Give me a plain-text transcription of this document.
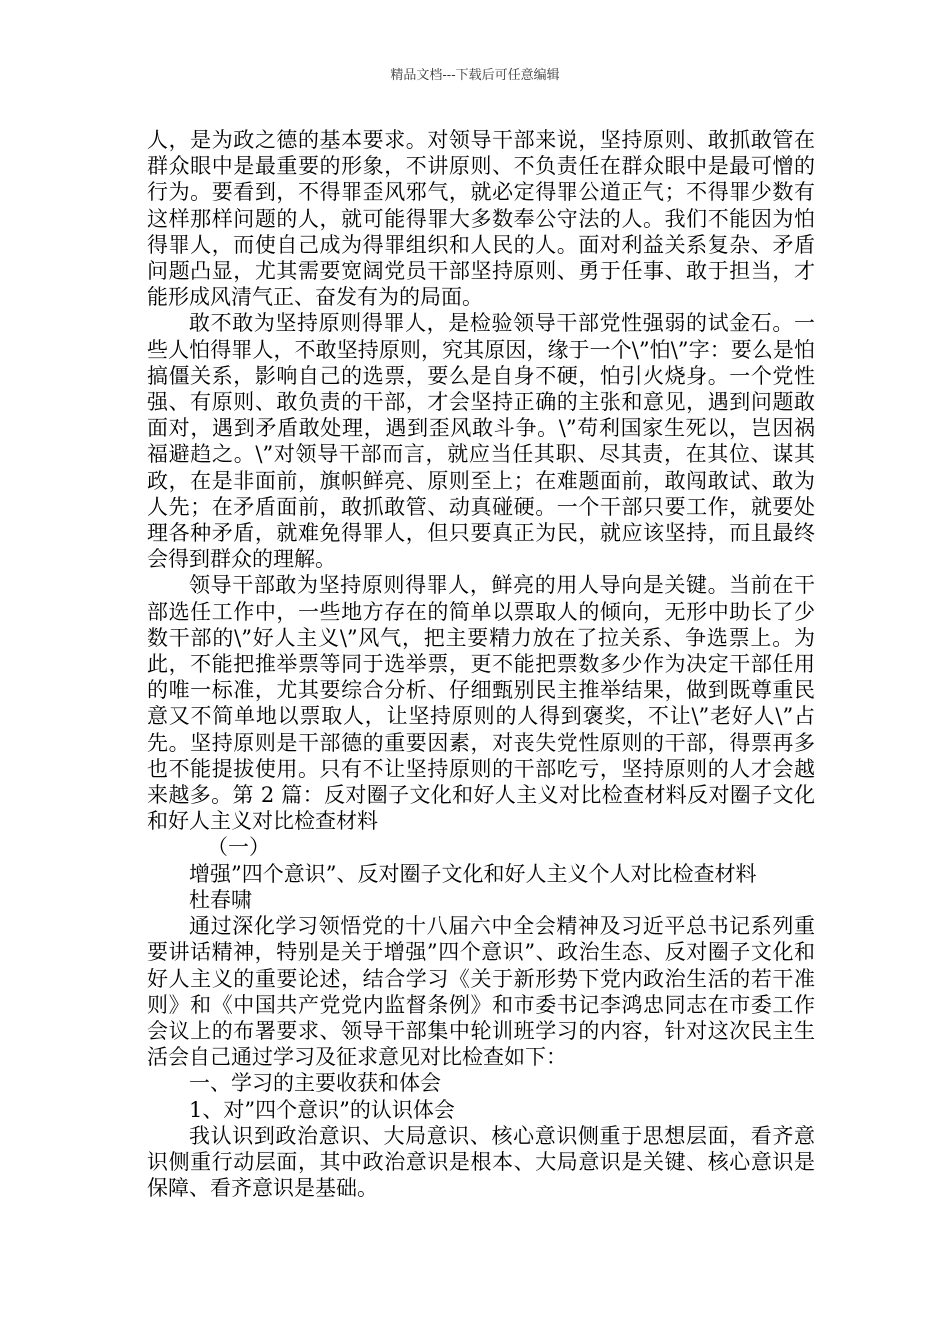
精品文档---下载后可任意编辑

人，是为政之德的基本要求。对领导干部来说，坚持原则、敢抓敢管在群众眼中是最重要的形象，不讲原则、不负责任在群众眼中是最可憎的行为。要看到，不得罪歪风邪气，就必定得罪公道正气；不得罪少数有这样那样问题的人，就可能得罪大多数奉公守法的人。我们不能因为怕得罪人，而使自己成为得罪组织和人民的人。面对利益关系复杂、矛盾问题凸显，尤其需要宽阔党员干部坚持原则、勇于任事、敢于担当，才能形成风清气正、奋发有为的局面。

敢不敢为坚持原则得罪人，是检验领导干部党性强弱的试金石。一些人怕得罪人，不敢坚持原则，究其原因，缘于一个\”怕\”字：要么是怕搞僵关系，影响自己的选票，要么是自身不硬，怕引火烧身。一个党性强、有原则、敢负责的干部，才会坚持正确的主张和意见，遇到问题敢面对，遇到矛盾敢处理，遇到歪风敢斗争。\”苟利国家生死以，岂因祸福避趋之。\”对领导干部而言，就应当任其职、尽其责，在其位、谋其政，在是非面前，旗帜鲜亮、原则至上；在难题面前，敢闯敢试、敢为人先；在矛盾面前，敢抓敢管、动真碰硬。一个干部只要工作，就要处理各种矛盾，就难免得罪人，但只要真正为民，就应该坚持，而且最终会得到群众的理解。

领导干部敢为坚持原则得罪人，鲜亮的用人导向是关键。当前在干部选任工作中，一些地方存在的简单以票取人的倾向，无形中助长了少数干部的\”好人主义\”风气，把主要精力放在了拉关系、争选票上。为此，不能把推举票等同于选举票，更不能把票数多少作为决定干部任用的唯一标准，尤其要综合分析、仔细甄别民主推举结果，做到既尊重民意又不简单地以票取人，让坚持原则的人得到褒奖，不让\”老好人\”占先。坚持原则是干部德的重要因素，对丧失党性原则的干部，得票再多也不能提拔使用。只有不让坚持原则的干部吃亏，坚持原则的人才会越来越多。第 2 篇：反对圈子文化和好人主义对比检查材料反对圈子文化和好人主义对比检查材料

（一）

增强”四个意识”、反对圈子文化和好人主义个人对比检查材料

杜春啸

通过深化学习领悟党的十八届六中全会精神及习近平总书记系列重要讲话精神，特别是关于增强”四个意识”、政治生态、反对圈子文化和好人主义的重要论述，结合学习《关于新形势下党内政治生活的若干准则》和《中国共产党党内监督条例》和市委书记李鸿忠同志在市委工作会议上的布署要求、领导干部集中轮训班学习的内容，针对这次民主生活会自己通过学习及征求意见对比检查如下：

一、学习的主要收获和体会

1、对”四个意识”的认识体会

我认识到政治意识、大局意识、核心意识侧重于思想层面，看齐意识侧重行动层面，其中政治意识是根本、大局意识是关键、核心意识是保障、看齐意识是基础。
